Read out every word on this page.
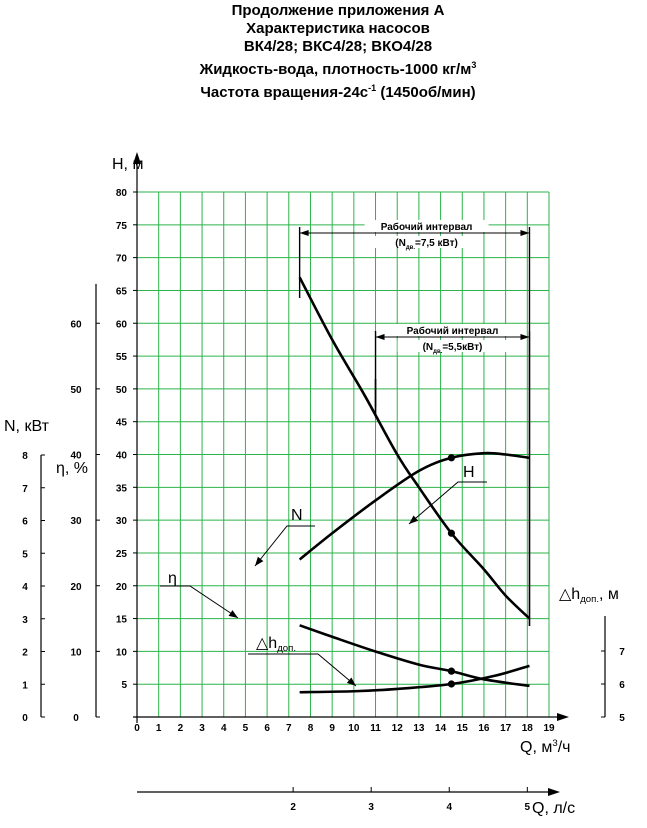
Продолжение приложения А
Характеристика насосов
ВК4/28; ВКС4/28; ВКО4/28
Жидкость-вода, плотность-1000 $кг/м^3$
Частота вращения-$24с^{-1}$ (1450об/мин)
Рабочий интервал
($N_{дв.}=7,5$ кВт)
Рабочий интервал
$(N_{дв.}=5,5кВт)$
5
10
15
20
25
30
35
40
45
50
55
60
65
70
75
80
H, м
0 1 2 3 4 5 6 7 8 9 10 11 12 13 14 15 16 17 18 19
Q, $м^3/ч$
0
1
2
3
4
5
6
7
8
N, кВт
0
10
20
30
40
50
60
η, %
5
6
7
△hдоп., м
2	3	4	5 Q, л/с
H
N
η
△hдоп.
